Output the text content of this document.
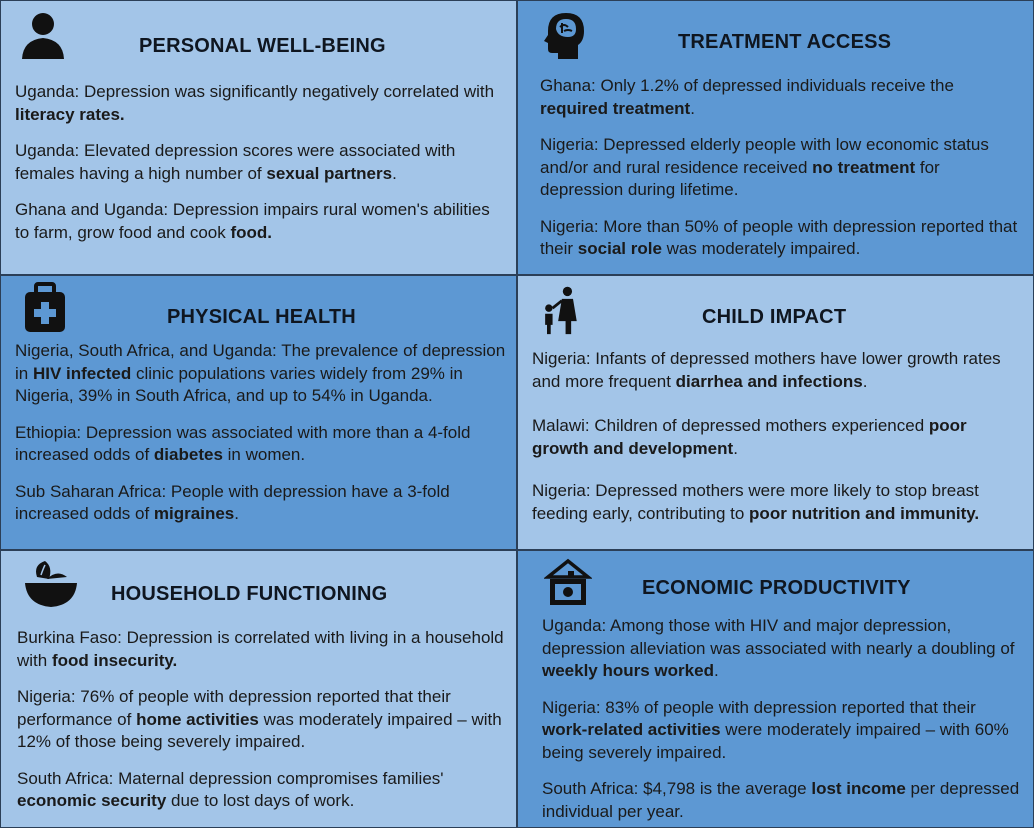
PERSONAL WELL-BEING

Uganda: Depression was significantly negatively correlated with literacy rates.

Uganda: Elevated depression scores were associated with females having a high number of sexual partners.

Ghana and Uganda: Depression impairs rural women's abilities to farm, grow food and cook food.

TREATMENT ACCESS

Ghana: Only 1.2% of depressed individuals receive the required treatment.

Nigeria: Depressed elderly people with low economic status and/or and rural residence received no treatment for depression during lifetime.

Nigeria: More than 50% of people with depression reported that their social role was moderately impaired.

PHYSICAL HEALTH

Nigeria, South Africa, and Uganda: The prevalence of depression in HIV infected clinic populations varies widely from 29% in Nigeria, 39% in South Africa, and up to 54% in Uganda.

Ethiopia: Depression was associated with more than a 4-fold increased odds of diabetes in women.

Sub Saharan Africa: People with depression have a 3-fold increased odds of migraines.

CHILD IMPACT

Nigeria: Infants of depressed mothers have lower growth rates and more frequent diarrhea and infections.

Malawi: Children of depressed mothers experienced poor growth and development.

Nigeria: Depressed mothers were more likely to stop breast feeding early, contributing to poor nutrition and immunity.

HOUSEHOLD FUNCTIONING

Burkina Faso: Depression is correlated with living in a household with food insecurity.

Nigeria: 76% of people with depression reported that their performance of home activities was moderately impaired – with 12% of those being severely impaired.

South Africa: Maternal depression compromises families' economic security due to lost days of work.

ECONOMIC PRODUCTIVITY

Uganda: Among those with HIV and major depression, depression alleviation was associated with nearly a doubling of weekly hours worked.

Nigeria: 83% of people with depression reported that their work-related activities were moderately impaired – with 60% being severely impaired.

South Africa: $4,798 is the average lost income per depressed individual per year.
